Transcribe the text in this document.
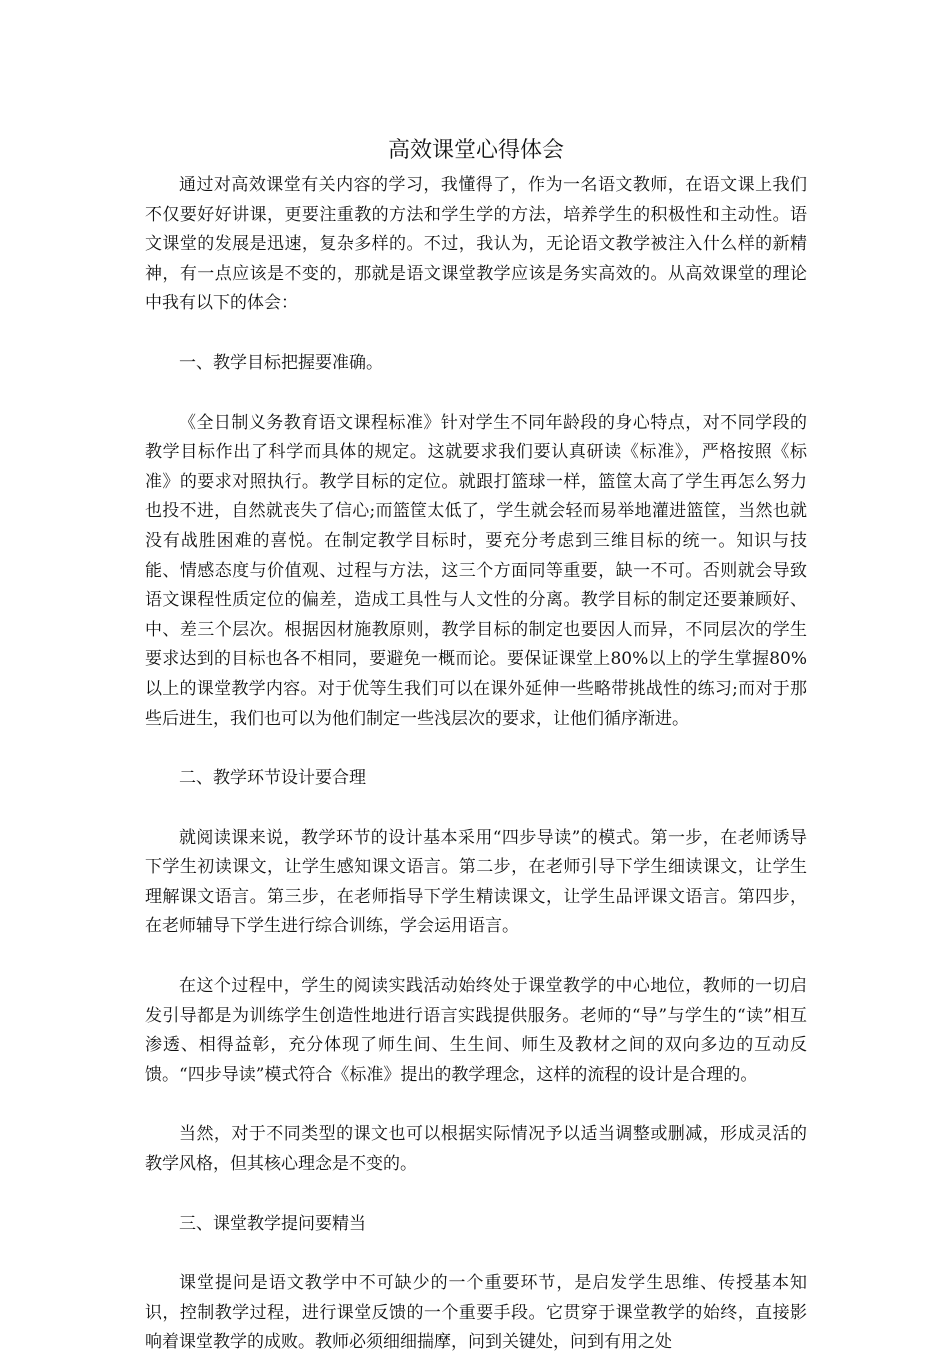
高效课堂心得体会

通过对高效课堂有关内容的学习，我懂得了，作为一名语文教师，在语文课上我们不仅要好好讲课，更要注重教的方法和学生学的方法，培养学生的积极性和主动性。语文课堂的发展是迅速，复杂多样的。不过，我认为，无论语文教学被注入什么样的新精神，有一点应该是不变的，那就是语文课堂教学应该是务实高效的。从高效课堂的理论中我有以下的体会：

一、教学目标把握要准确。

《全日制义务教育语文课程标准》针对学生不同年龄段的身心特点，对不同学段的教学目标作出了科学而具体的规定。这就要求我们要认真研读《标准》，严格按照《标准》的要求对照执行。教学目标的定位。就跟打篮球一样，篮筐太高了学生再怎么努力也投不进，自然就丧失了信心;而篮筐太低了，学生就会轻而易举地灌进篮筐，当然也就没有战胜困难的喜悦。在制定教学目标时，要充分考虑到三维目标的统一。知识与技能、情感态度与价值观、过程与方法，这三个方面同等重要，缺一不可。否则就会导致语文课程性质定位的偏差，造成工具性与人文性的分离。教学目标的制定还要兼顾好、中、差三个层次。根据因材施教原则，教学目标的制定也要因人而异，不同层次的学生要求达到的目标也各不相同，要避免一概而论。要保证课堂上80%以上的学生掌握80%以上的课堂教学内容。对于优等生我们可以在课外延伸一些略带挑战性的练习;而对于那些后进生，我们也可以为他们制定一些浅层次的要求，让他们循序渐进。

二、教学环节设计要合理

就阅读课来说，教学环节的设计基本采用“四步导读”的模式。第一步，在老师诱导下学生初读课文，让学生感知课文语言。第二步，在老师引导下学生细读课文，让学生理解课文语言。第三步，在老师指导下学生精读课文，让学生品评课文语言。第四步，在老师辅导下学生进行综合训练，学会运用语言。

在这个过程中，学生的阅读实践活动始终处于课堂教学的中心地位，教师的一切启发引导都是为训练学生创造性地进行语言实践提供服务。老师的“导”与学生的“读”相互渗透、相得益彰，充分体现了师生间、生生间、师生及教材之间的双向多边的互动反馈。“四步导读”模式符合《标准》提出的教学理念，这样的流程的设计是合理的。

当然，对于不同类型的课文也可以根据实际情况予以适当调整或删减，形成灵活的教学风格，但其核心理念是不变的。

三、课堂教学提问要精当

课堂提问是语文教学中不可缺少的一个重要环节，是启发学生思维、传授基本知识，控制教学过程，进行课堂反馈的一个重要手段。它贯穿于课堂教学的始终，直接影响着课堂教学的成败。教师必须细细揣摩，问到关键处，问到有用之处
